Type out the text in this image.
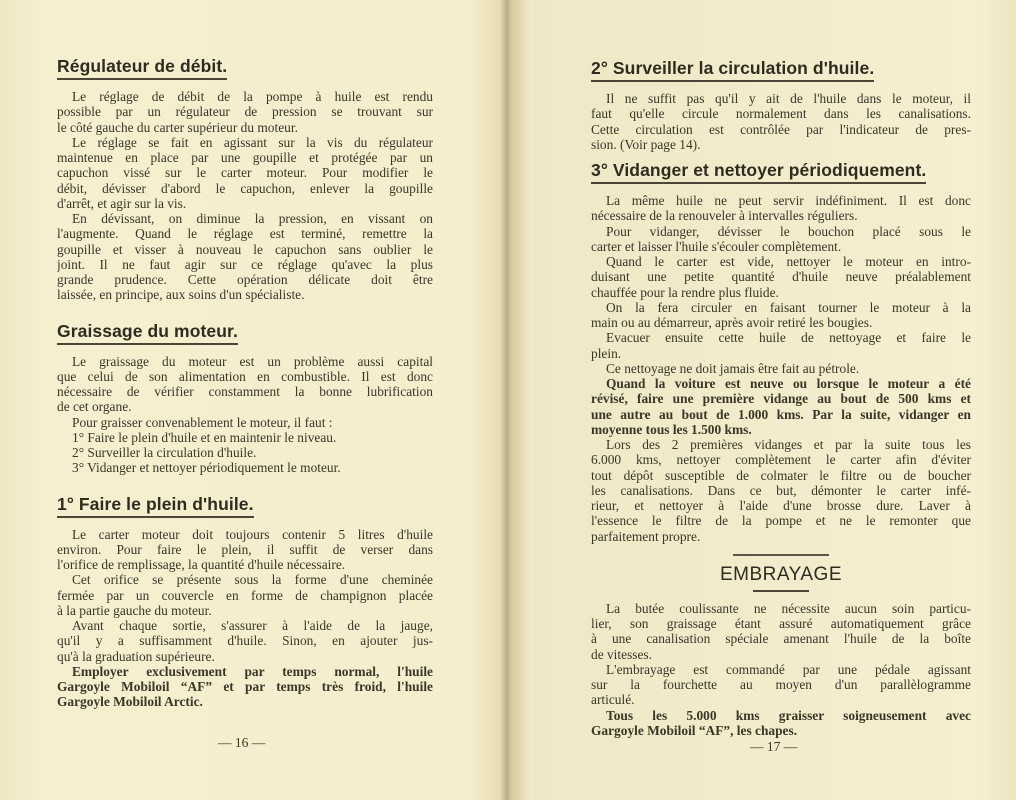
Régulateur de débit.
Le réglage de débit de la pompe à huile est rendu
possible par un régulateur de pression se trouvant sur
le côté gauche du carter supérieur du moteur.
Le réglage se fait en agissant sur la vis du régulateur
maintenue en place par une goupille et protégée par un
capuchon vissé sur le carter moteur. Pour modifier le
débit, dévisser d'abord le capuchon, enlever la goupille
d'arrêt, et agir sur la vis.
En dévissant, on diminue la pression, en vissant on
l'augmente. Quand le réglage est terminé, remettre la
goupille et visser à nouveau le capuchon sans oublier le
joint. Il ne faut agir sur ce réglage qu'avec la plus
grande prudence. Cette opération délicate doit être
laissée, en principe, aux soins d'un spécialiste.
Graissage du moteur.
Le graissage du moteur est un problème aussi capital
que celui de son alimentation en combustible. Il est donc
nécessaire de vérifier constamment la bonne lubrification
de cet organe.
Pour graisser convenablement le moteur, il faut :
1° Faire le plein d'huile et en maintenir le niveau.
2° Surveiller la circulation d'huile.
3° Vidanger et nettoyer périodiquement le moteur.
1° Faire le plein d'huile.
Le carter moteur doit toujours contenir 5 litres d'huile
environ. Pour faire le plein, il suffit de verser dans
l'orifice de remplissage, la quantité d'huile nécessaire.
Cet orifice se présente sous la forme d'une cheminée
fermée par un couvercle en forme de champignon placée
à la partie gauche du moteur.
Avant chaque sortie, s'assurer à l'aide de la jauge,
qu'il y a suffisamment d'huile. Sinon, en ajouter jus-
qu'à la graduation supérieure.
Employer exclusivement par temps normal, l'huile
Gargoyle Mobiloil “AF” et par temps très froid, l'huile
Gargoyle Mobiloil Arctic.
— 16 —
2° Surveiller la circulation d'huile.
Il ne suffit pas qu'il y ait de l'huile dans le moteur, il
faut qu'elle circule normalement dans les canalisations.
Cette circulation est contrôlée par l'indicateur de pres-
sion. (Voir page 14).
3° Vidanger et nettoyer périodiquement.
La même huile ne peut servir indéfiniment. Il est donc
nécessaire de la renouveler à intervalles réguliers.
Pour vidanger, dévisser le bouchon placé sous le
carter et laisser l'huile s'écouler complètement.
Quand le carter est vide, nettoyer le moteur en intro-
duisant une petite quantité d'huile neuve préalablement
chauffée pour la rendre plus fluide.
On la fera circuler en faisant tourner le moteur à la
main ou au démarreur, après avoir retiré les bougies.
Evacuer ensuite cette huile de nettoyage et faire le
plein.
Ce nettoyage ne doit jamais être fait au pétrole.
Quand la voiture est neuve ou lorsque le moteur a été
révisé, faire une première vidange au bout de 500 kms et
une autre au bout de 1.000 kms. Par la suite, vidanger en
moyenne tous les 1.500 kms.
Lors des 2 premières vidanges et par la suite tous les
6.000 kms, nettoyer complètement le carter afin d'éviter
tout dépôt susceptible de colmater le filtre ou de boucher
les canalisations. Dans ce but, démonter le carter infé-
rieur, et nettoyer à l'aide d'une brosse dure. Laver à
l'essence le filtre de la pompe et ne le remonter que
parfaitement propre.
EMBRAYAGE
La butée coulissante ne nécessite aucun soin particu-
lier, son graissage étant assuré automatiquement grâce
à une canalisation spéciale amenant l'huile de la boîte
de vitesses.
L'embrayage est commandé par une pédale agissant
sur la fourchette au moyen d'un parallèlogramme
articulé.
Tous les 5.000 kms graisser soigneusement avec
Gargoyle Mobiloil “AF”, les chapes.
— 17 —
